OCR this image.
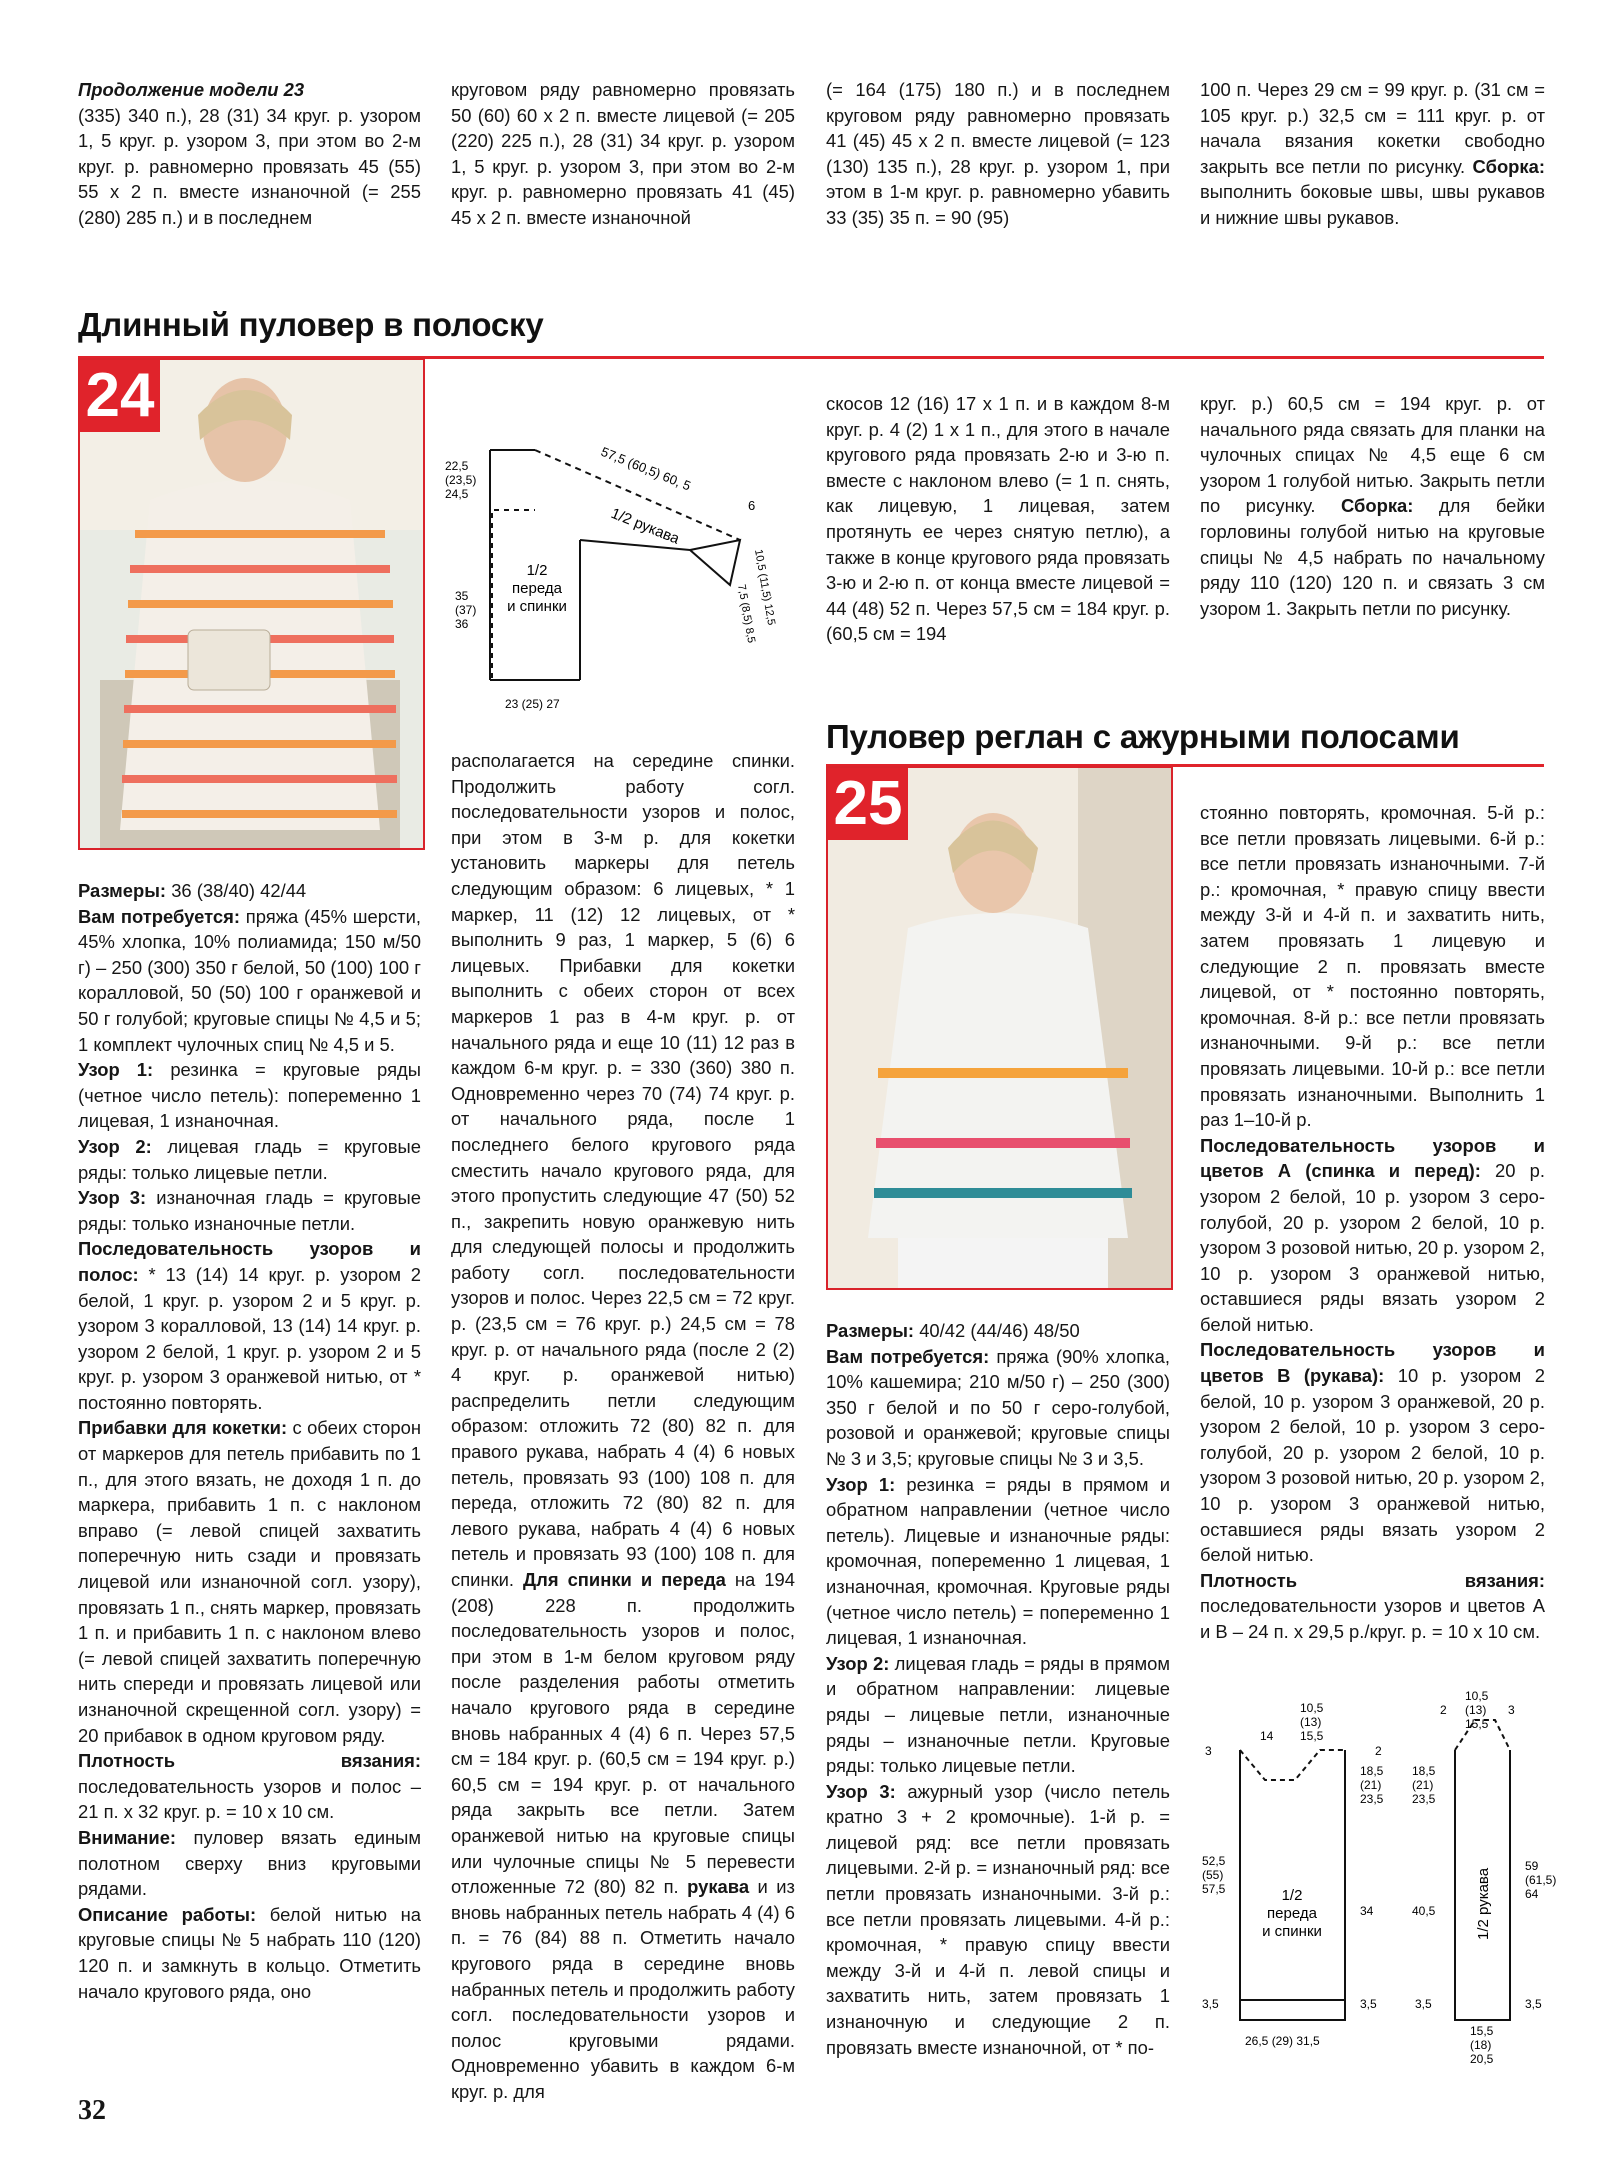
Продолжение модели 23
(335) 340 п.), 28 (31) 34 круг. р. узором 1, 5 круг. р. узором 3, при этом во 2-м круг. р. равномерно провязать 45 (55) 55 х 2 п. вместе изнаночной (= 255 (280) 285 п.) и в последнем

круговом ряду равномерно провязать 50 (60) 60 х 2 п. вместе лицевой (= 205 (220) 225 п.), 28 (31) 34 круг. р. узором 1, 5 круг. р. узором 3, при этом во 2-м круг. р. равномерно провязать 41 (45) 45 х 2 п. вместе изнаночной

(= 164 (175) 180 п.) и в последнем круговом ряду равномерно провязать 41 (45) 45 х 2 п. вместе лицевой (= 123 (130) 135 п.), 28 круг. р. узором 1, при этом в 1-м круг. р. равномерно убавить 33 (35) 35 п. = 90 (95)

100 п. Через 29 см = 99 круг. р. (31 см = 105 круг. р.) 32,5 см = 111 круг. р. от начала вязания кокетки свободно закрыть все петли по рисунку. Сборка: выполнить боковые швы, швы рукавов и нижние швы рукавов.

Длинный пуловер в полоску
24
1/2 переда и спинки
1/2 рукава
57,5 (60,5) 60, 5
22,5 (23,5) 24,5
35 (37) 36
23 (25) 27
6
10,5 (11,5) 12,5
7,5 (8,5) 8,5

Размеры: 36 (38/40) 42/44

Вам потребуется: пряжа (45% шерсти, 45% хлопка, 10% полиамида; 150 м/50 г) – 250 (300) 350 г белой, 50 (100) 100 г коралловой, 50 (50) 100 г оранжевой и 50 г голубой; круговые спицы № 4,5 и 5; 1 комплект чулочных спиц № 4,5 и 5.

Узор 1: резинка = круговые ряды (четное число петель): попеременно 1 лицевая, 1 изнаночная.

Узор 2: лицевая гладь = круговые ряды: только лицевые петли.

Узор 3: изнаночная гладь = круговые ряды: только изнаночные петли.

Последовательность узоров и полос: * 13 (14) 14 круг. р. узором 2 белой, 1 круг. р. узором 2 и 5 круг. р. узором 3 коралловой, 13 (14) 14 круг. р. узором 2 белой, 1 круг. р. узором 2 и 5 круг. р. узором 3 оранжевой нитью, от * постоянно повторять.

Прибавки для кокетки: с обеих сторон от маркеров для петель прибавить по 1 п., для этого вязать, не доходя 1 п. до маркера, прибавить 1 п. с наклоном вправо (= левой спицей захватить поперечную нить сзади и провязать лицевой или изнаночной согл. узору), провязать 1 п., снять маркер, провязать 1 п. и прибавить 1 п. с наклоном влево (= левой спицей захватить поперечную нить спереди и провязать лицевой или изнаночной скрещенной согл. узору) = 20 прибавок в одном круговом ряду.

Плотность вязания: последовательность узоров и полос – 21 п. х 32 круг. р. = 10 х 10 см.

Внимание: пуловер вязать единым полотном сверху вниз круговыми рядами.

Описание работы: белой нитью на круговые спицы № 5 набрать 110 (120) 120 п. и замкнуть в кольцо. Отметить начало кругового ряда, оно

располагается на середине спинки. Продолжить работу согл. последовательности узоров и полос, при этом в 3-м р. для кокетки установить маркеры для петель следующим образом: 6 лицевых, * 1 маркер, 11 (12) 12 лицевых, от * выполнить 9 раз, 1 маркер, 5 (6) 6 лицевых. Прибавки для кокетки выполнить с обеих сторон от всех маркеров 1 раз в 4-м круг. р. от начального ряда и еще 10 (11) 12 раз в каждом 6-м круг. р. = 330 (360) 380 п. Одновременно через 70 (74) 74 круг. р. от начального ряда, после 1 последнего белого кругового ряда сместить начало кругового ряда, для этого пропустить следующие 47 (50) 52 п., закрепить новую оранжевую нить для следующей полосы и продолжить работу согл. последовательности узоров и полос. Через 22,5 см = 72 круг. р. (23,5 см = 76 круг. р.) 24,5 см = 78 круг. р. от начального ряда (после 2 (2) 4 круг. р. оранжевой нитью) распределить петли следующим образом: отложить 72 (80) 82 п. для правого рукава, набрать 4 (4) 6 новых петель, провязать 93 (100) 108 п. для переда, отложить 72 (80) 82 п. для левого рукава, набрать 4 (4) 6 новых петель и провязать 93 (100) 108 п. для спинки. Для спинки и переда на 194 (208) 228 п. продолжить последовательность узоров и полос, при этом в 1-м белом круговом ряду после разделения работы отметить начало кругового ряда в середине вновь набранных 4 (4) 6 п. Через 57,5 см = 184 круг. р. (60,5 см = 194 круг. р.) 60,5 см = 194 круг. р. от начального ряда закрыть все петли. Затем оранжевой нитью на круговые спицы или чулочные спицы № 5 перевести отложенные 72 (80) 82 п. рукава и из вновь набранных петель набрать 4 (4) 6 п. = 76 (84) 88 п. Отметить начало кругового ряда в середине вновь набранных петель и продолжить работу согл. последовательности узоров и полос круговыми рядами. Одновременно убавить в каждом 6-м круг. р. для

скосов 12 (16) 17 х 1 п. и в каждом 8-м круг. р. 4 (2) 1 х 1 п., для этого в начале кругового ряда провязать 2-ю и 3-ю п. вместе с наклоном влево (= 1 п. снять, как лицевую, 1 лицевая, затем протянуть ее через снятую петлю), а также в конце кругового ряда провязать 3-ю и 2-ю п. от конца вместе лицевой = 44 (48) 52 п. Через 57,5 см = 184 круг. р. (60,5 см = 194

круг. р.) 60,5 см = 194 круг. р. от начального ряда связать для планки на чулочных спицах № 4,5 еще 6 см узором 1 голубой нитью. Закрыть петли по рисунку. Сборка: для бейки горловины голубой нитью на круговые спицы № 4,5 набрать по начальному ряду 110 (120) 120 п. и связать 3 см узором 1. Закрыть петли по рисунку.

Пуловер реглан с ажурными полосами
25

Размеры: 40/42 (44/46) 48/50

Вам потребуется: пряжа (90% хлопка, 10% кашемира; 210 м/50 г) – 250 (300) 350 г белой и по 50 г серо-голубой, розовой и оранжевой; круговые спицы № 3 и 3,5; круговые спицы № 3 и 3,5.

Узор 1: резинка = ряды в прямом и обратном направлении (четное число петель). Лицевые и изнаночные ряды: кромочная, попеременно 1 лицевая, 1 изнаночная, кромочная. Круговые ряды (четное число петель) = попеременно 1 лицевая, 1 изнаночная.

Узор 2: лицевая гладь = ряды в прямом и обратном направлении: лицевые ряды – лицевые петли, изнаночные ряды – изнаночные петли. Круговые ряды: только лицевые петли.

Узор 3: ажурный узор (число петель кратно 3 + 2 кромочные). 1-й р. = лицевой ряд: все петли провязать лицевыми. 2-й р. = изнаночный ряд: все петли провязать изнаночными. 3-й р.: все петли провязать лицевыми. 4-й р.: кромочная, * правую спицу ввести между 3-й и 4-й п. левой спицы и захватить нить, затем провязать 1 изнаночную и следующие 2 п. провязать вместе изнаночной, от * по-

стоянно повторять, кромочная. 5-й р.: все петли провязать лицевыми. 6-й р.: все петли провязать изнаночными. 7-й р.: кромочная, * правую спицу ввести между 3-й и 4-й п. и захватить нить, затем провязать 1 лицевую и следующие 2 п. провязать вместе лицевой, от * постоянно повторять, кромочная. 8-й р.: все петли провязать изнаночными. 9-й р.: все петли провязать лицевыми. 10-й р.: все петли провязать изнаночными. Выполнить 1 раз 1–10-й р.

Последовательность узоров и цветов А (спинка и перед): 20 р. узором 2 белой, 10 р. узором 3 серо-голубой, 20 р. узором 2 белой, 10 р. узором 3 розовой нитью, 20 р. узором 2, 10 р. узором 3 оранжевой нитью, оставшиеся ряды вязать узором 2 белой нитью.

Последовательность узоров и цветов В (рукава): 10 р. узором 2 белой, 10 р. узором 3 оранжевой, 20 р. узором 2 белой, 10 р. узором 3 серо-голубой, 20 р. узором 2 белой, 10 р. узором 3 розовой нитью, 20 р. узором 2, 10 р. узором 3 оранжевой нитью, оставшиеся ряды вязать узором 2 белой нитью.

Плотность вязания: последовательности узоров и цветов А и В – 24 п. х 29,5 р./круг. р. = 10 х 10 см.

1/2 переда и спинки	1/2 рукава
14
10,5 (13) 15,5
3	2
18,5 (21) 23,5
52,5 (55) 57,5
34
3,5	3,5
26,5 (29) 31,5
10,5 (13) 15,5
2	3
18,5 (21) 23,5
40,5
59 (61,5) 64
3,5	3,5
15,5 (18) 20,5
32
